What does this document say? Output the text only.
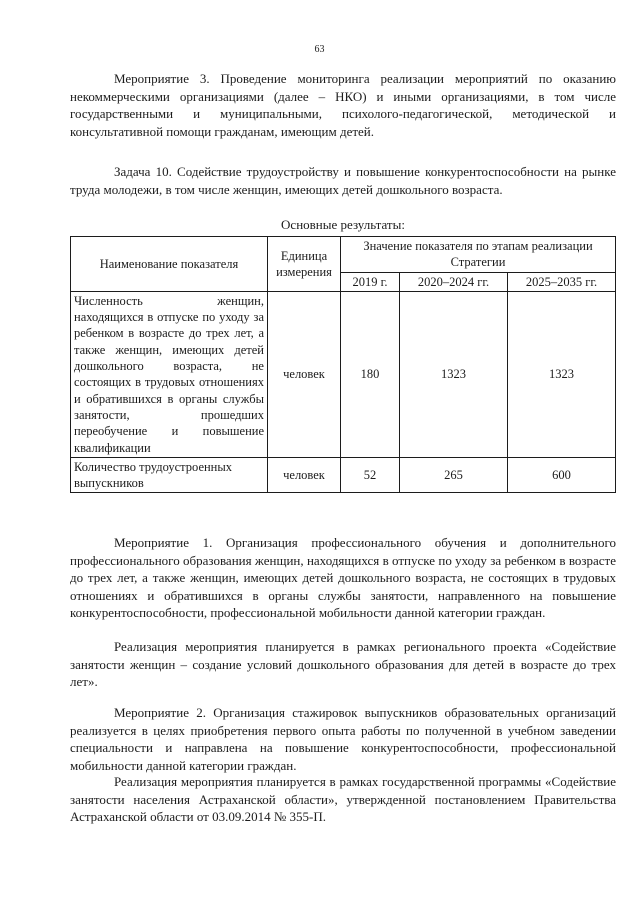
63

Мероприятие 3. Проведение мониторинга реализации мероприятий по оказанию некоммерческими организациями (далее – НКО) и иными организациями, в том числе государственными и муниципальными, психолого-педагогической, методической и консультативной помощи гражданам, имеющим детей.

Задача 10. Содействие трудоустройству и повышение конкурентоспособности на рынке труда молодежи, в том числе женщин, имеющих детей дошкольного возраста.

Основные результаты:
Наименование показателя	Единица измерения	Значение показателя по этапам реализации Стратегии		
		2019 г.	2020–2024 гг.	2025–2035 гг.
Численность женщин, находящихся в отпуске по уходу за ребенком в возрасте до трех лет, а также женщин, имеющих детей дошкольного возраста, не состоящих в трудовых отношениях и обратившихся в органы службы занятости, прошедших переобучение и повышение квалификации	человек	180	1323	1323
Количество трудоустроенных выпускников	человек	52	265	600

Мероприятие 1. Организация профессионального обучения и дополнительного профессионального образования женщин, находящихся в отпуске по уходу за ребенком в возрасте до трех лет, а также женщин, имеющих детей дошкольного возраста, не состоящих в трудовых отношениях и обратившихся в органы службы занятости, направленного на повышение конкурентоспособности, профессиональной мобильности данной категории граждан.

Реализация мероприятия планируется в рамках регионального проекта «Содействие занятости женщин – создание условий дошкольного образования для детей в возрасте до трех лет».

Мероприятие 2. Организация стажировок выпускников образовательных организаций реализуется в целях приобретения первого опыта работы по полученной в учебном заведении специальности и направлена на повышение конкурентоспособности, профессиональной мобильности данной категории граждан.

Реализация мероприятия планируется в рамках государственной программы «Содействие занятости населения Астраханской области», утвержденной постановлением Правительства Астраханской области от 03.09.2014 № 355-П.
